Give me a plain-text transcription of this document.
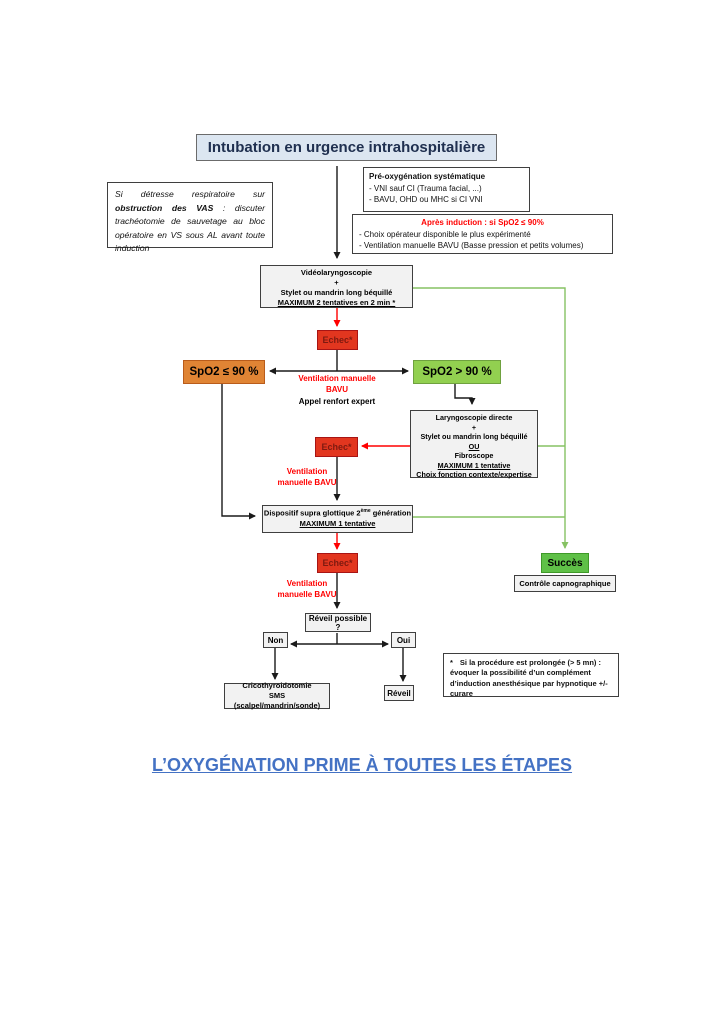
Intubation en urgence intrahospitalière
Si détresse respiratoire sur obstruction des VAS : discuter trachéotomie de sauvetage au bloc opératoire en VS sous AL avant toute induction
Pré-oxygénation systématique
- VNI sauf CI (Trauma facial, ...)
- BAVU, OHD ou MHC si CI VNI
Après induction : si SpO2 ≤ 90%
- Choix opérateur disponible le plus expérimenté
- Ventilation manuelle BAVU (Basse pression et petits volumes)
Vidéolaryngoscopie
+
Stylet ou mandrin long béquillé
MAXIMUM 2 tentatives en 2 min *
Echec*
Echec*
Echec*
SpO2 ≤ 90 %	SpO2 > 90 %
Ventilation manuelle
BAVU
Appel renfort expert
Laryngoscopie directe
+
Stylet ou mandrin long béquillé
OU
Fibroscope
MAXIMUM 1 tentative
Choix fonction contexte/expertise
Ventilation
manuelle BAVU
Ventilation
manuelle BAVU
Dispositif supra glottique 2ème génération
MAXIMUM 1 tentative
Réveil possible ?
Non	Oui
Cricothyroidotomie
SMS (scalpel/mandrin/sonde)
Réveil
Succès
Contrôle capnographique
* Si la procédure est prolongée (> 5 mn) : évoquer la possibilité d’un complément d’induction anesthésique par hypnotique +/- curare
L’OXYGÉNATION PRIME À TOUTES LES ÉTAPES
